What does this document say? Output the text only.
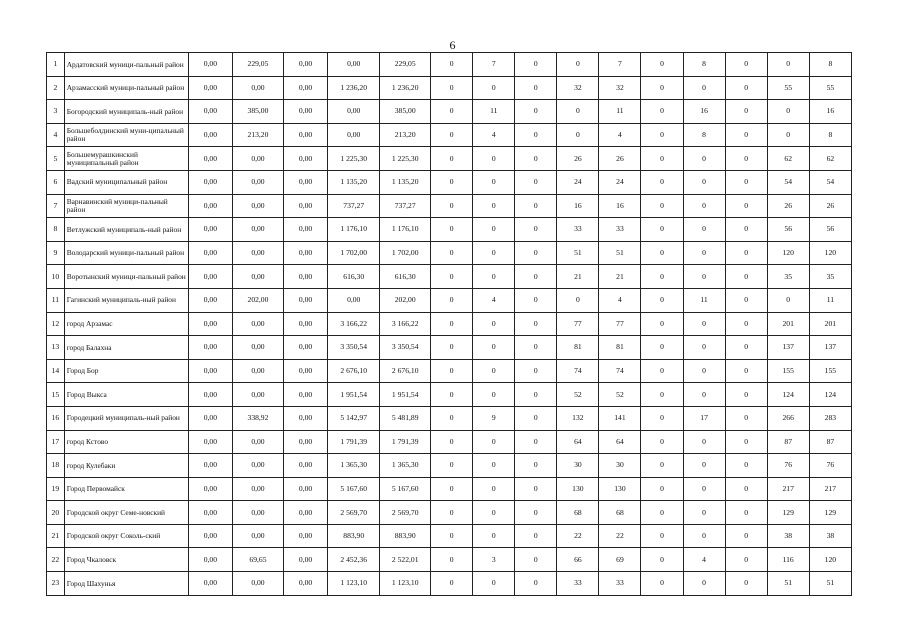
6
1	Ардатовский муници-пальный район	0,00	229,05	0,00	0,00	229,05	0	7	0	0	7	0	8	0	0	8
2	Арзамасский муници-пальный район	0,00	0,00	0,00	1 236,20	1 236,20	0	0	0	32	32	0	0	0	55	55
3	Богородский муниципаль-ный район	0,00	385,00	0,00	0,00	385,00	0	11	0	0	11	0	16	0	0	16
4	Большеболдинский муни-ципальный район	0,00	213,20	0,00	0,00	213,20	0	4	0	0	4	0	8	0	0	8
5	Большемурашкинский муниципальный район	0,00	0,00	0,00	1 225,30	1 225,30	0	0	0	26	26	0	0	0	62	62
6	Вадский муниципальный район	0,00	0,00	0,00	1 135,20	1 135,20	0	0	0	24	24	0	0	0	54	54
7	Варнавинский муници-пальный район	0,00	0,00	0,00	737,27	737,27	0	0	0	16	16	0	0	0	26	26
8	Ветлужский муниципаль-ный район	0,00	0,00	0,00	1 176,10	1 176,10	0	0	0	33	33	0	0	0	56	56
9	Володарский муници-пальный район	0,00	0,00	0,00	1 702,00	1 702,00	0	0	0	51	51	0	0	0	120	120
10	Воротынский муници-пальный район	0,00	0,00	0,00	616,30	616,30	0	0	0	21	21	0	0	0	35	35
11	Гагинский муниципаль-ный район	0,00	202,00	0,00	0,00	202,00	0	4	0	0	4	0	11	0	0	11
12	город Арзамас	0,00	0,00	0,00	3 166,22	3 166,22	0	0	0	77	77	0	0	0	201	201
13	город Балахна	0,00	0,00	0,00	3 350,54	3 350,54	0	0	0	81	81	0	0	0	137	137
14	Город Бор	0,00	0,00	0,00	2 676,10	2 676,10	0	0	0	74	74	0	0	0	155	155
15	Город Выкса	0,00	0,00	0,00	1 951,54	1 951,54	0	0	0	52	52	0	0	0	124	124
16	Городецкий муниципаль-ный район	0,00	338,92	0,00	5 142,97	5 481,89	0	9	0	132	141	0	17	0	266	283
17	город Кстово	0,00	0,00	0,00	1 791,39	1 791,39	0	0	0	64	64	0	0	0	87	87
18	город Кулебаки	0,00	0,00	0,00	1 365,30	1 365,30	0	0	0	30	30	0	0	0	76	76
19	Город Первомайск	0,00	0,00	0,00	5 167,60	5 167,60	0	0	0	130	130	0	0	0	217	217
20	Городской округ Семе-новский	0,00	0,00	0,00	2 569,70	2 569,70	0	0	0	68	68	0	0	0	129	129
21	Городской округ Соколь-ский	0,00	0,00	0,00	883,90	883,90	0	0	0	22	22	0	0	0	38	38
22	Город Чкаловск	0,00	69,65	0,00	2 452,36	2 522,01	0	3	0	66	69	0	4	0	116	120
23	Город Шахунья	0,00	0,00	0,00	1 123,10	1 123,10	0	0	0	33	33	0	0	0	51	51
